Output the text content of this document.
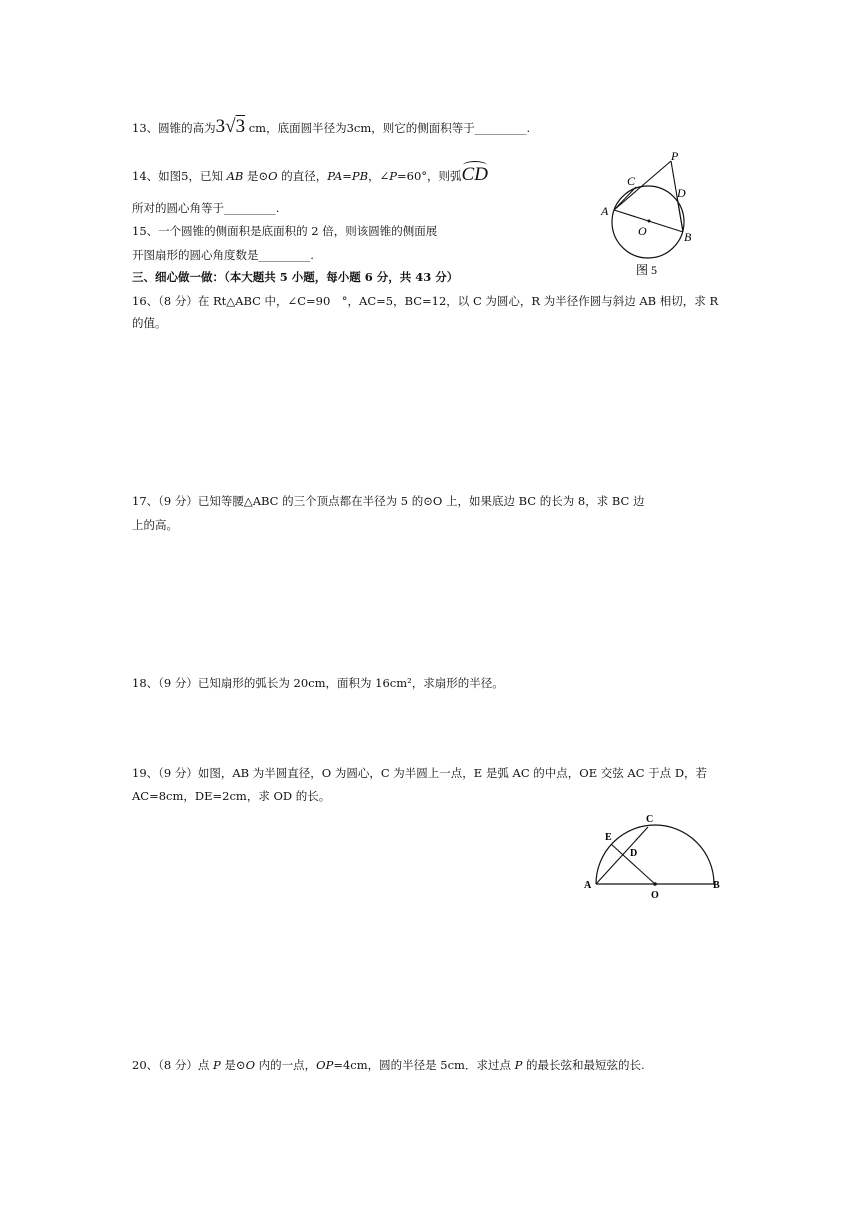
13、圆锥的高为3√3 cm，底面圆半径为3cm，则它的侧面积等于_________.
14、如图5，已知 AB 是⊙O 的直径，PA=PB，∠P=60°，则弧CD
所对的圆心角等于_________.
15、一个圆锥的侧面积是底面积的 2 倍，则该圆锥的侧面展
开图扇形的圆心角度数是_________.
三、细心做一做：（本大题共 5 小题，每小题 6 分，共 43 分）
16、（8 分）在 Rt△ABC 中，∠C=90　°，AC=5，BC=12，以 C 为圆心，R 为半径作圆与斜边 AB 相切，求 R
的值。
17、（9 分）已知等腰△ABC 的三个顶点都在半径为 5 的⊙O 上，如果底边 BC 的长为 8，求 BC 边
上的高。
18、（9 分）已知扇形的弧长为 20cm，面积为 16cm²，求扇形的半径。
19、（9 分）如图，AB 为半圆直径，O 为圆心，C 为半圆上一点，E 是弧 AC 的中点，OE 交弦 AC 于点 D，若
AC=8cm，DE=2cm，求 OD 的长。
20、（8 分）点 P 是⊙O 内的一点，OP=4cm，圆的半径是 5cm．求过点 P 的最长弦和最短弦的长.
P
C
D
A
O	B
图 5
C
E
D
A
O
B
